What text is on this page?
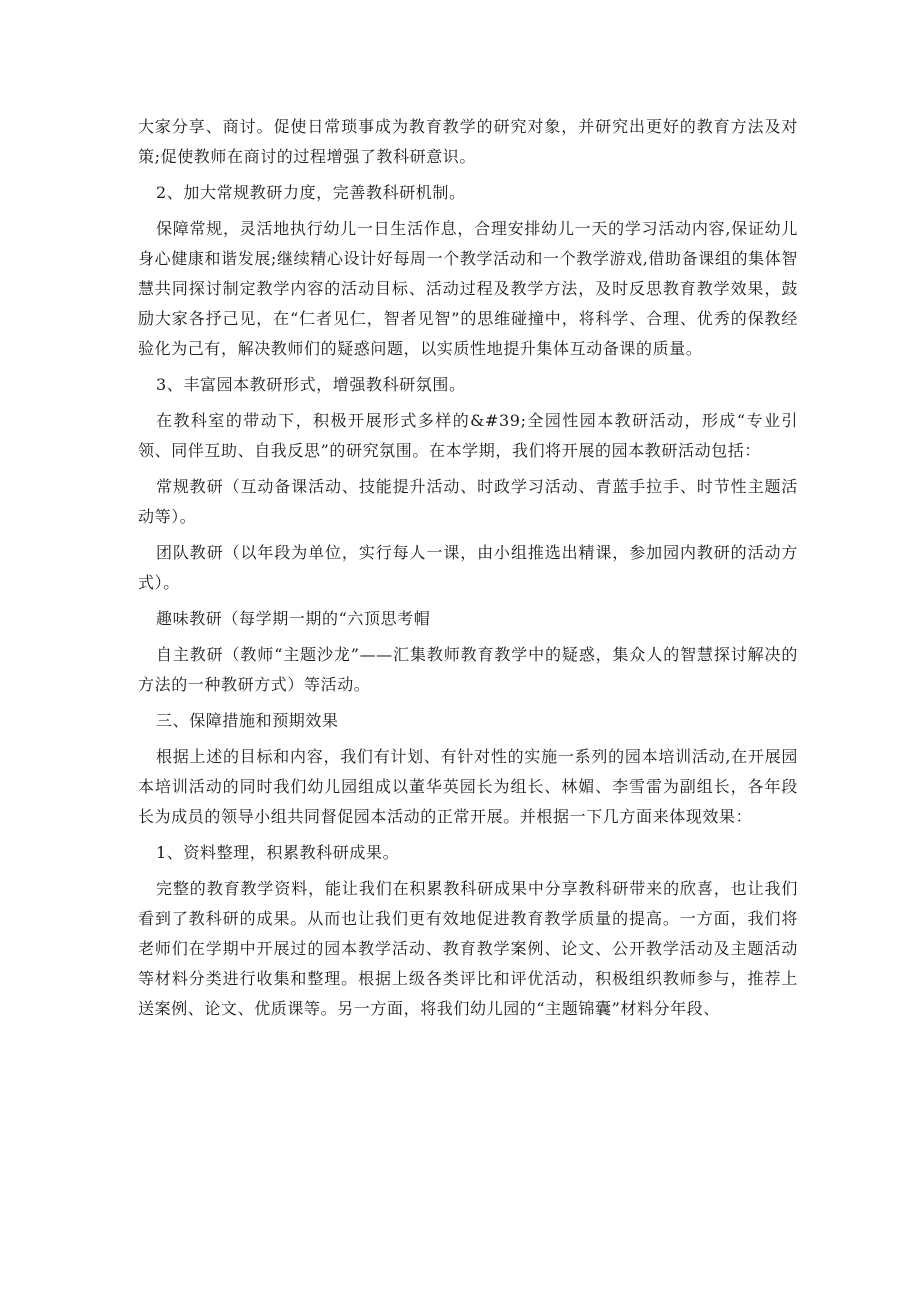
大家分享、商讨。促使日常琐事成为教育教学的研究对象，并研究出更好的教育方法及对策;促使教师在商讨的过程增强了教科研意识。

2、加大常规教研力度，完善教科研机制。

保障常规，灵活地执行幼儿一日生活作息，合理安排幼儿一天的学习活动内容,保证幼儿身心健康和谐发展;继续精心设计好每周一个教学活动和一个教学游戏,借助备课组的集体智慧共同探讨制定教学内容的活动目标、活动过程及教学方法，及时反思教育教学效果，鼓励大家各抒己见，在“仁者见仁，智者见智”的思维碰撞中，将科学、合理、优秀的保教经验化为己有，解决教师们的疑惑问题，以实质性地提升集体互动备课的质量。

3、丰富园本教研形式，增强教科研氛围。

在教科室的带动下，积极开展形式多样的&#39;全园性园本教研活动，形成“专业引领、同伴互助、自我反思”的研究氛围。在本学期，我们将开展的园本教研活动包括：

常规教研（互动备课活动、技能提升活动、时政学习活动、青蓝手拉手、时节性主题活动等）。

团队教研（以年段为单位，实行每人一课，由小组推选出精课，参加园内教研的活动方式）。

趣味教研（每学期一期的“六顶思考帽

自主教研（教师“主题沙龙”——汇集教师教育教学中的疑惑，集众人的智慧探讨解决的方法的一种教研方式）等活动。

三、保障措施和预期效果

根据上述的目标和内容，我们有计划、有针对性的实施一系列的园本培训活动,在开展园本培训活动的同时我们幼儿园组成以董华英园长为组长、林媚、李雪雷为副组长，各年段长为成员的领导小组共同督促园本活动的正常开展。并根据一下几方面来体现效果：

1、资料整理，积累教科研成果。

完整的教育教学资料，能让我们在积累教科研成果中分享教科研带来的欣喜，也让我们看到了教科研的成果。从而也让我们更有效地促进教育教学质量的提高。一方面，我们将老师们在学期中开展过的园本教学活动、教育教学案例、论文、公开教学活动及主题活动等材料分类进行收集和整理。根据上级各类评比和评优活动，积极组织教师参与，推荐上送案例、论文、优质课等。另一方面，将我们幼儿园的“主题锦囊”材料分年段、
